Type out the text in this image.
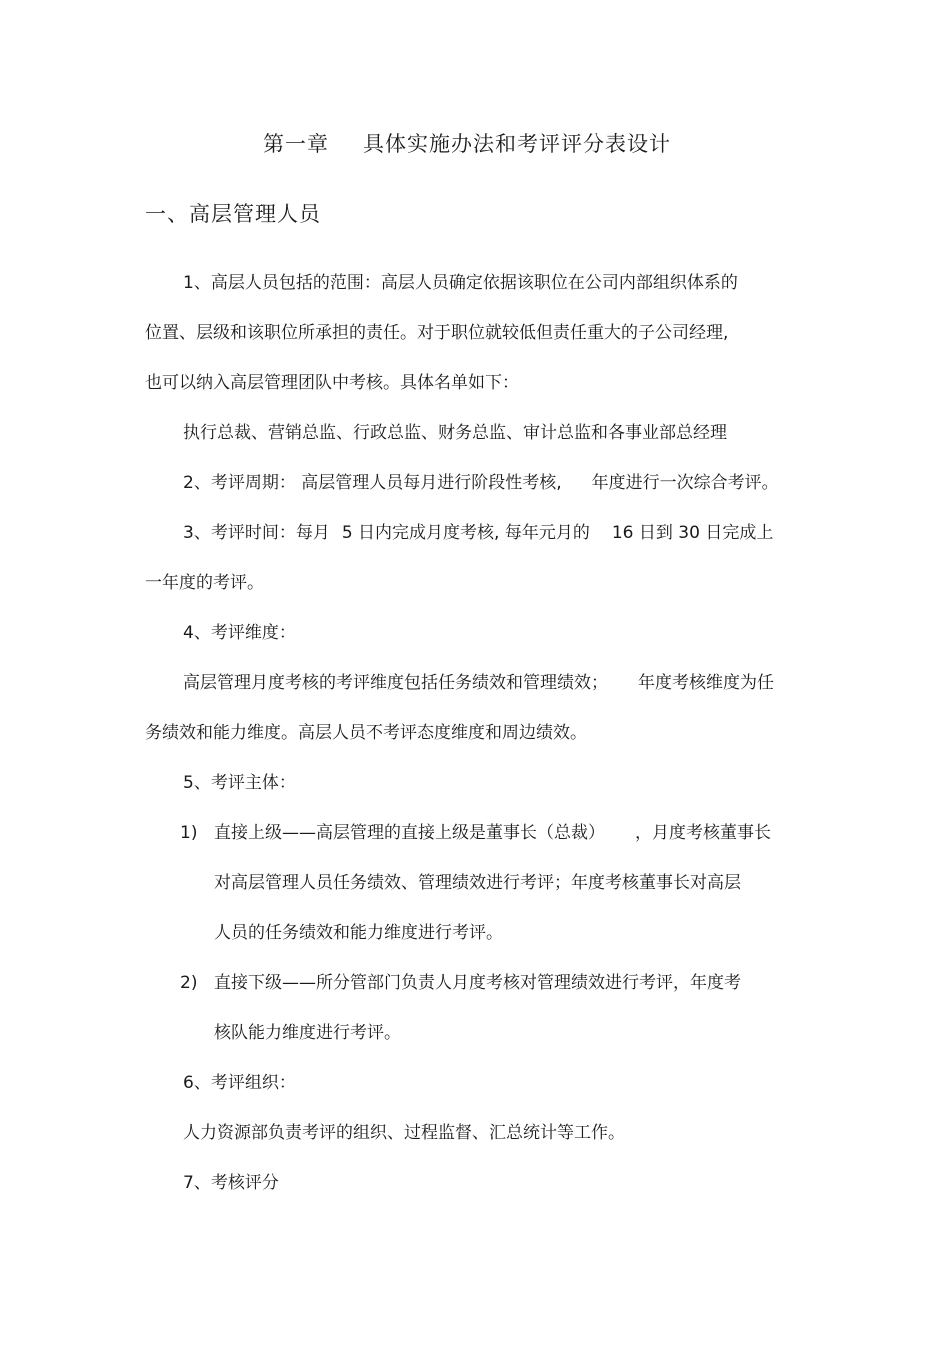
第一章 具体实施办法和考评评分表设计
一、高层管理人员
1、高层人员包括的范围：高层人员确定依据该职位在公司内部组织体系的
位置、层级和该职位所承担的责任。对于职位就较低但责任重大的子公司经理,
也可以纳入高层管理团队中考核。具体名单如下：
执行总裁、营销总监、行政总监、财务总监、审计总监和各事业部总经理
2、考评周期： 高层管理人员每月进行阶段性考核, 年度进行一次综合考评。
3、考评时间：每月 5 日内完成月度考核, 每年元月的 16 日到 30 日完成上
一年度的考评。
4、考评维度：
高层管理月度考核的考评维度包括任务绩效和管理绩效； 年度考核维度为任
务绩效和能力维度。高层人员不考评态度维度和周边绩效。
5、考评主体：
1) 直接上级——高层管理的直接上级是董事长（总裁） ，月度考核董事长
对高层管理人员任务绩效、管理绩效进行考评；年度考核董事长对高层
人员的任务绩效和能力维度进行考评。
2) 直接下级——所分管部门负责人月度考核对管理绩效进行考评，年度考
核队能力维度进行考评。
6、考评组织：
人力资源部负责考评的组织、过程监督、汇总统计等工作。
7、考核评分
